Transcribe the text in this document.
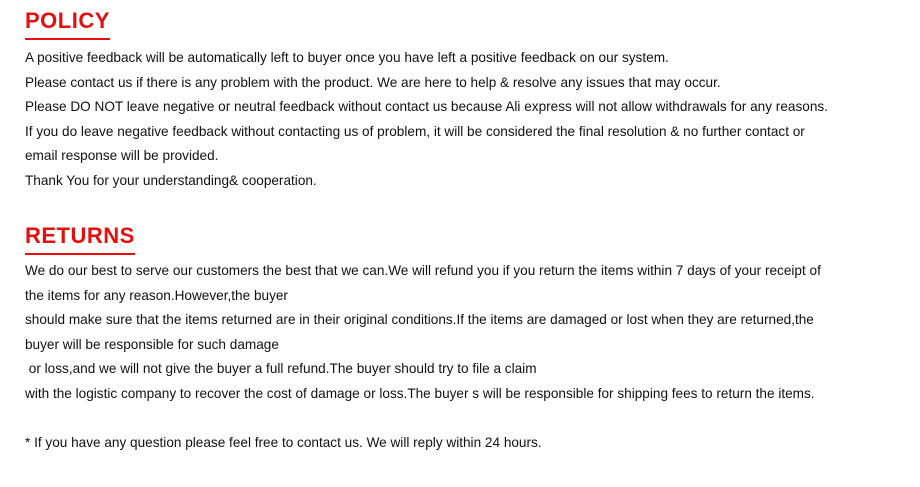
POLICY
A positive feedback will be automatically left to buyer once you have left a positive feedback on our system.
Please contact us if there is any problem with the product. We are here to help & resolve any issues that may occur.
Please DO NOT leave negative or neutral feedback without contact us because Ali express will not allow withdrawals for any reasons.
If you do leave negative feedback without contacting us of problem, it will be considered the final resolution & no further contact or
email response will be provided.
Thank You for your understanding& cooperation.
RETURNS
We do our best to serve our customers the best that we can.We will refund you if you return the items within 7 days of your receipt of
the items for any reason.However,the buyer
should make sure that the items returned are in their original conditions.If the items are damaged or lost when they are returned,the
buyer will be responsible for such damage
or loss,and we will not give the buyer a full refund.The buyer should try to file a claim
with the logistic company to recover the cost of damage or loss.The buyer s will be responsible for shipping fees to return the items.
* If you have any question please feel free to contact us. We will reply within 24 hours.
